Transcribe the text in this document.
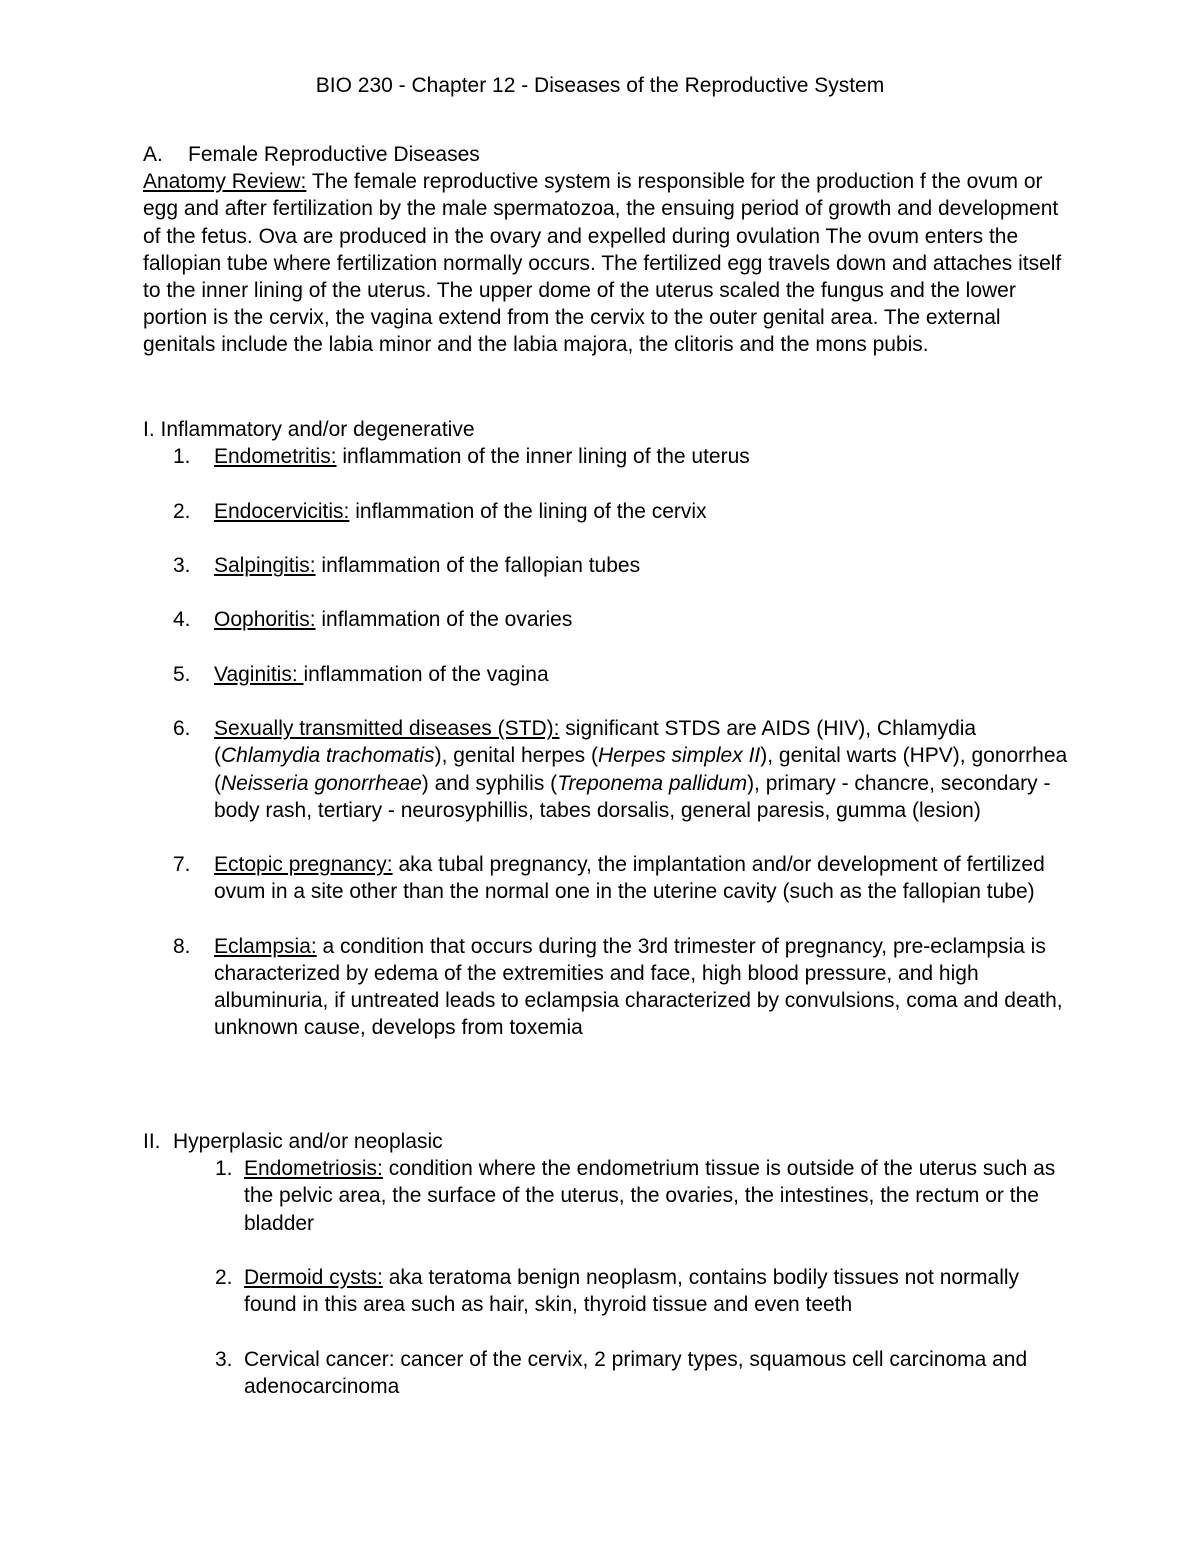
BIO 230 - Chapter 12 - Diseases of the Reproductive System
A. Female Reproductive Diseases

Anatomy Review: The female reproductive system is responsible for the production f the ovum or egg and after fertilization by the male spermatozoa, the ensuing period of growth and development of the fetus. Ova are produced in the ovary and expelled during ovulation The ovum enters the fallopian tube where fertilization normally occurs. The fertilized egg travels down and attaches itself to the inner lining of the uterus. The upper dome of the uterus scaled the fungus and the lower portion is the cervix, the vagina extend from the cervix to the outer genital area. The external genitals include the labia minor and the labia majora, the clitoris and the mons pubis.

I. Inflammatory and/or degenerative
1. Endometritis: inflammation of the inner lining of the uterus
2. Endocervicitis: inflammation of the lining of the cervix
3. Salpingitis: inflammation of the fallopian tubes
4. Oophoritis: inflammation of the ovaries
5. Vaginitis: inflammation of the vagina
6. Sexually transmitted diseases (STD): significant STDS are AIDS (HIV), Chlamydia (Chlamydia trachomatis), genital herpes (Herpes simplex II), genital warts (HPV), gonorrhea (Neisseria gonorrheae) and syphilis (Treponema pallidum), primary - chancre, secondary - body rash, tertiary - neurosyphillis, tabes dorsalis, general paresis, gumma (lesion)
7. Ectopic pregnancy: aka tubal pregnancy, the implantation and/or development of fertilized ovum in a site other than the normal one in the uterine cavity (such as the fallopian tube)
8. Eclampsia: a condition that occurs during the 3rd trimester of pregnancy, pre-eclampsia is characterized by edema of the extremities and face, high blood pressure, and high albuminuria, if untreated leads to eclampsia characterized by convulsions, coma and death, unknown cause, develops from toxemia
II. Hyperplasic and/or neoplasic
1. Endometriosis: condition where the endometrium tissue is outside of the uterus such as the pelvic area, the surface of the uterus, the ovaries, the intestines, the rectum or the bladder
2. Dermoid cysts: aka teratoma benign neoplasm, contains bodily tissues not normally found in this area such as hair, skin, thyroid tissue and even teeth
3. Cervical cancer: cancer of the cervix, 2 primary types, squamous cell carcinoma and adenocarcinoma
